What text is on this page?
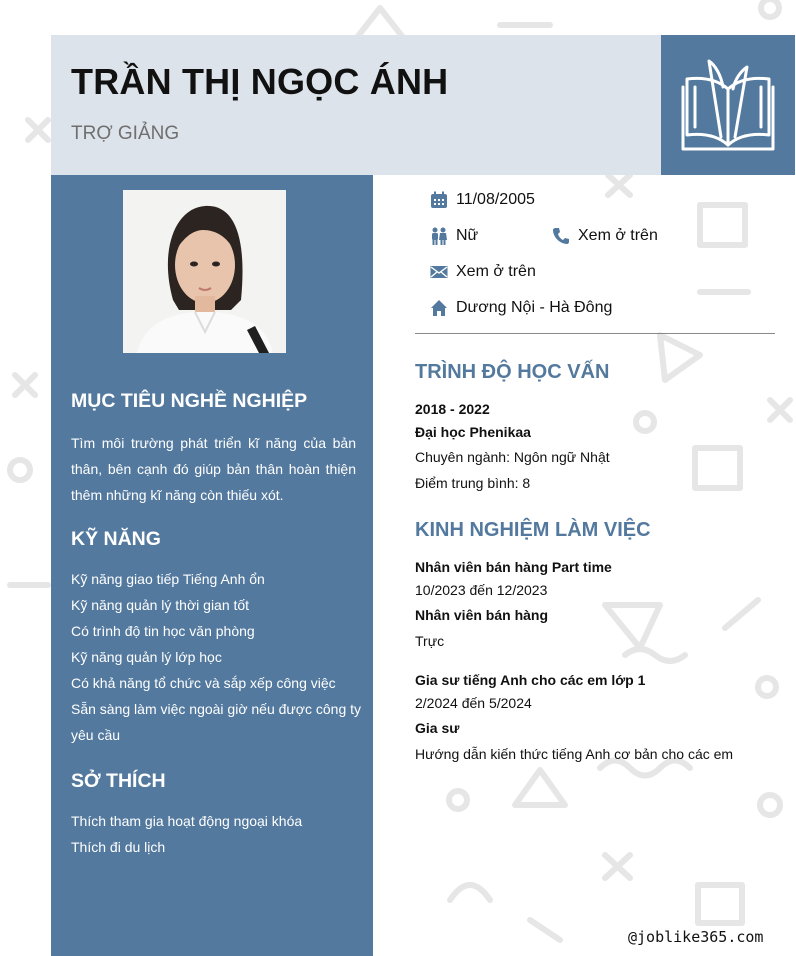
TRẦN THỊ NGỌC ÁNH
TRỢ GIẢNG
MỤC TIÊU NGHỀ NGHIỆP

Tìm môi trường phát triển kĩ năng của bản thân, bên cạnh đó giúp bản thân hoàn thiện thêm những kĩ năng còn thiếu xót.

KỸ NĂNG
Kỹ năng giao tiếp Tiếng Anh ổn
Kỹ năng quản lý thời gian tốt
Có trình độ tin học văn phòng
Kỹ năng quản lý lớp học
Có khả năng tổ chức và sắp xếp công việc
Sẵn sàng làm việc ngoài giờ nếu được công ty
yêu cầu
SỞ THÍCH
Thích tham gia hoạt động ngoại khóa
Thích đi du lịch
11/08/2005
Nữ	Xem ở trên
Xem ở trên
Dương Nội - Hà Đông
TRÌNH ĐỘ HỌC VẤN
2018 - 2022
Đại học Phenikaa
Chuyên ngành: Ngôn ngữ Nhật
Điểm trung bình: 8
KINH NGHIỆM LÀM VIỆC
Nhân viên bán hàng Part time
10/2023 đến 12/2023
Nhân viên bán hàng
Trực
Gia sư tiếng Anh cho các em lớp 1
2/2024 đến 5/2024
Gia sư
Hướng dẫn kiến thức tiếng Anh cơ bản cho các em
@joblike365.com
